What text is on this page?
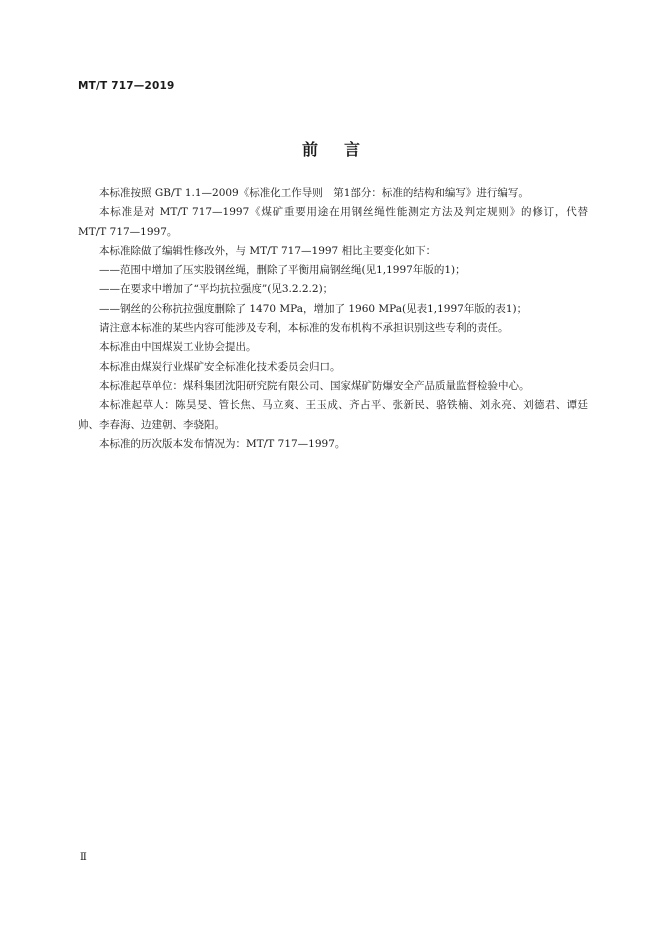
MT/T 717—2019
前言

本标准按照 GB/T 1.1—2009《标准化工作导则　第1部分：标准的结构和编写》进行编写。

本标准是对 MT/T 717—1997《煤矿重要用途在用钢丝绳性能测定方法及判定规则》的修订，代替 MT/T 717—1997。

本标准除做了编辑性修改外，与 MT/T 717—1997 相比主要变化如下：

——范围中增加了压实股钢丝绳，删除了平衡用扁钢丝绳(见1,1997年版的1)；

——在要求中增加了“平均抗拉强度”(见3.2.2.2)；

——钢丝的公称抗拉强度删除了 1470 MPa，增加了 1960 MPa(见表1,1997年版的表1)；

请注意本标准的某些内容可能涉及专利，本标准的发布机构不承担识别这些专利的责任。

本标准由中国煤炭工业协会提出。

本标准由煤炭行业煤矿安全标准化技术委员会归口。

本标准起草单位：煤科集团沈阳研究院有限公司、国家煤矿防爆安全产品质量监督检验中心。

本标准起草人：陈昊旻、管长焦、马立爽、王玉成、齐占平、张新民、骆铁楠、刘永亮、刘德君、谭廷帅、李春海、边建朝、李骁阳。

本标准的历次版本发布情况为：MT/T 717—1997。

Ⅱ
